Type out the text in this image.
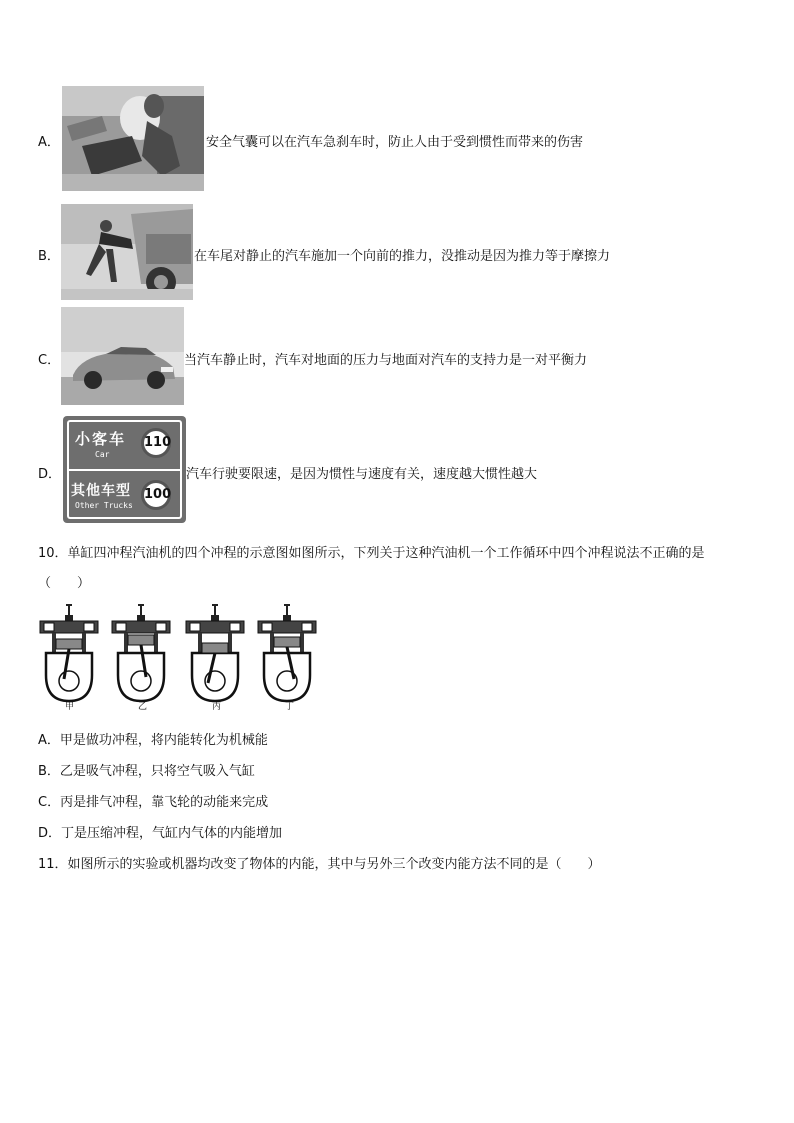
A．	安全气囊可以在汽车急刹车时，防止人由于受到惯性而带来的伤害
B．	在车尾对静止的汽车施加一个向前的推力，没推动是因为推力等于摩擦力
C．	当汽车静止时，汽车对地面的压力与地面对汽车的支持力是一对平衡力
D．
小客车
Car
110
其他车型
Other Trucks
100
汽车行驶要限速，是因为惯性与速度有关，速度越大惯性越大
10．单缸四冲程汽油机的四个冲程的示意图如图所示，下列关于这种汽油机一个工作循环中四个冲程说法不正确的是
（　　）
甲	乙	丙	丁
A．甲是做功冲程，将内能转化为机械能
B．乙是吸气冲程，只将空气吸入气缸
C．丙是排气冲程，靠飞轮的动能来完成
D．丁是压缩冲程，气缸内气体的内能增加
11．如图所示的实验或机器均改变了物体的内能，其中与另外三个改变内能方法不同的是（　　）
